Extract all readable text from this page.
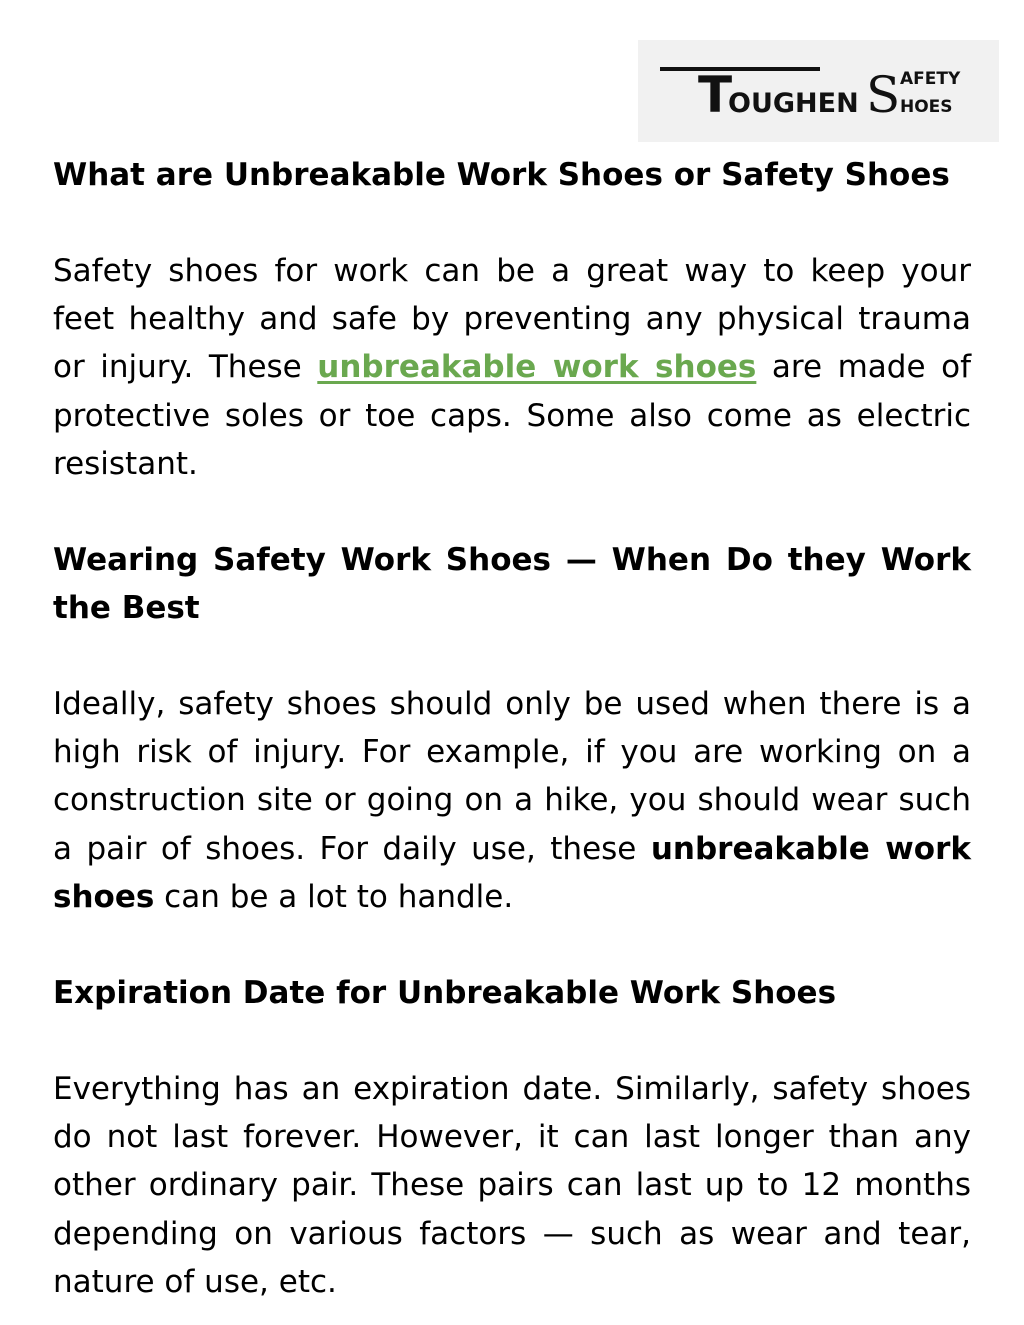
T
OUGHEN S AFETY
HOES
What are Unbreakable Work Shoes or Safety Shoes

Safety shoes for work can be a great way to keep your feet healthy and safe by preventing any physical trauma or injury. These unbreakable work shoes are made of protective soles or toe caps. Some also come as electric resistant.

Wearing Safety Work Shoes — When Do they Work the Best

Ideally, safety shoes should only be used when there is a high risk of injury. For example, if you are working on a construction site or going on a hike, you should wear such a pair of shoes. For daily use, these unbreakable work shoes can be a lot to handle.

Expiration Date for Unbreakable Work Shoes

Everything has an expiration date. Similarly, safety shoes do not last forever. However, it can last longer than any other ordinary pair. These pairs can last up to 12 months depending on various factors — such as wear and tear, nature of use, etc.
